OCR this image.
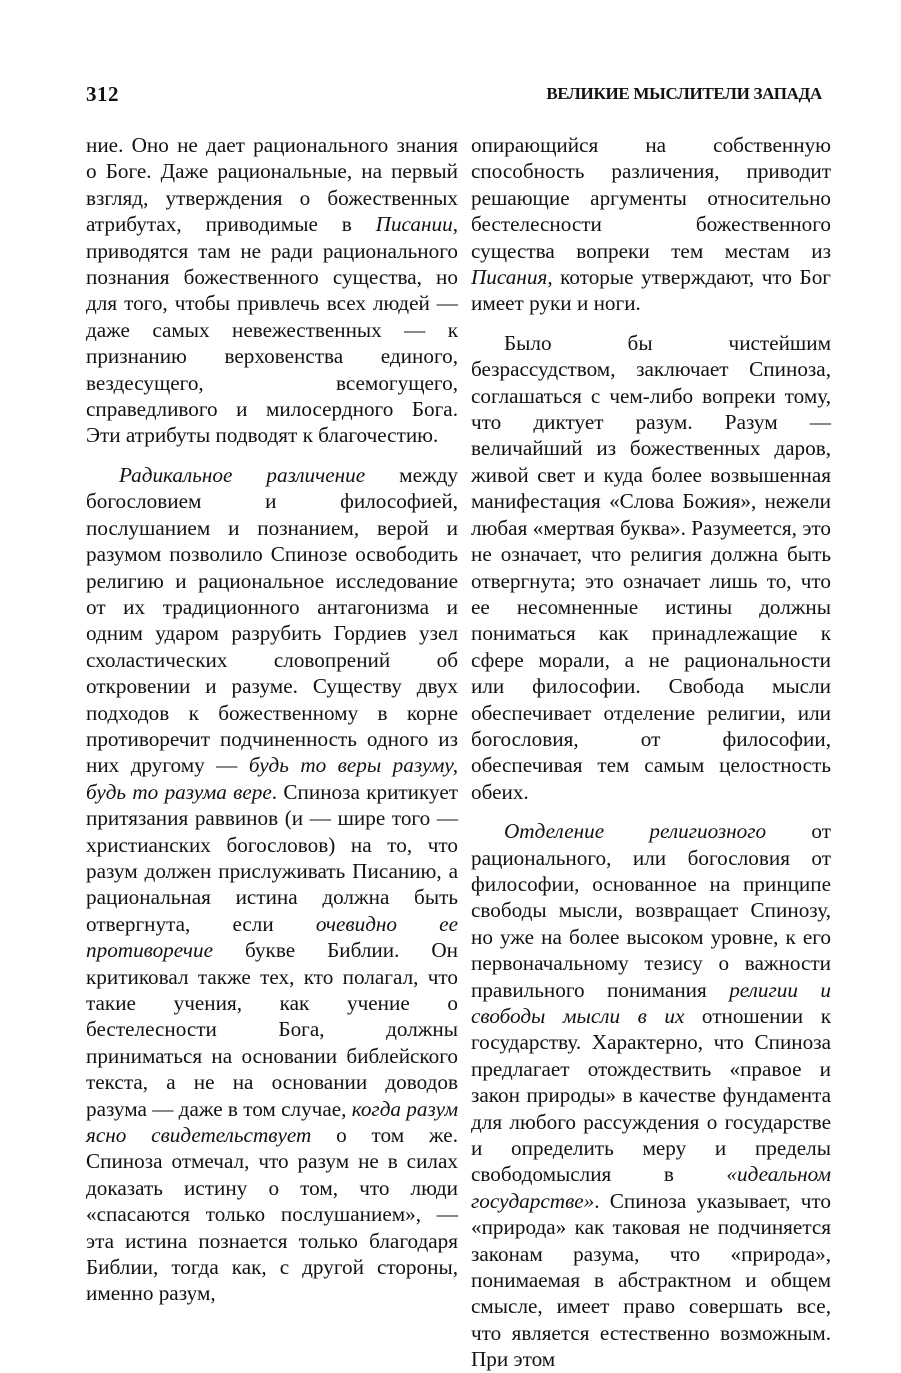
312	ВЕЛИКИЕ МЫСЛИТЕЛИ ЗАПАДА

ние. Оно не дает рационального знания о Боге. Даже рациональные, на первый взгляд, утверждения о божественных атрибутах, приводимые в Писании, приводятся там не ради рационального познания божественного существа, но для того, чтобы привлечь всех людей — даже самых невежественных — к признанию верховенства единого, вездесущего, всемогущего, справедливого и милосердного Бога. Эти атрибуты подводят к благочестию.

Радикальное различение между богословием и философией, послушанием и познанием, верой и разумом позволило Спинозе освободить религию и рациональное исследование от их традиционного антагонизма и одним ударом разрубить Гордиев узел схоластических словопрений об откровении и разуме. Существу двух подходов к божественному в корне противоречит подчиненность одного из них другому — будь то веры разуму, будь то разума вере. Спиноза критикует притязания раввинов (и — шире того — христианских богословов) на то, что разум должен прислуживать Писанию, а рациональная истина должна быть отвергнута, если очевидно ее противоречие букве Библии. Он критиковал также тех, кто полагал, что такие учения, как учение о бестелесности Бога, должны приниматься на основании библейского текста, а не на основании доводов разума — даже в том случае, когда разум ясно свидетельствует о том же. Спиноза отмечал, что разум не в силах доказать истину о том, что люди «спасаются только послушанием», — эта истина познается только благодаря Библии, тогда как, с другой стороны, именно разум,

опирающийся на собственную способность различения, приводит решающие аргументы относительно бестелесности божественного существа вопреки тем местам из Писания, которые утверждают, что Бог имеет руки и ноги.

Было бы чистейшим безрассудством, заключает Спиноза, соглашаться с чем-либо вопреки тому, что диктует разум. Разум — величайший из божественных даров, живой свет и куда более возвышенная манифестация «Слова Божия», нежели любая «мертвая буква». Разумеется, это не означает, что религия должна быть отвергнута; это означает лишь то, что ее несомненные истины должны пониматься как принадлежащие к сфере морали, а не рациональности или философии. Свобода мысли обеспечивает отделение религии, или богословия, от философии, обеспечивая тем самым целостность обеих.

Отделение религиозного от рационального, или богословия от философии, основанное на принципе свободы мысли, возвращает Спинозу, но уже на более высоком уровне, к его первоначальному тезису о важности правильного понимания религии и свободы мысли в их отношении к государству. Характерно, что Спиноза предлагает отождествить «правое и закон природы» в качестве фундамента для любого рассуждения о государстве и определить меру и пределы свободомыслия в «идеальном государстве». Спиноза указывает, что «природа» как таковая не подчиняется законам разума, что «природа», понимаемая в абстрактном и общем смысле, имеет право совершать все, что является естественно возможным. При этом
